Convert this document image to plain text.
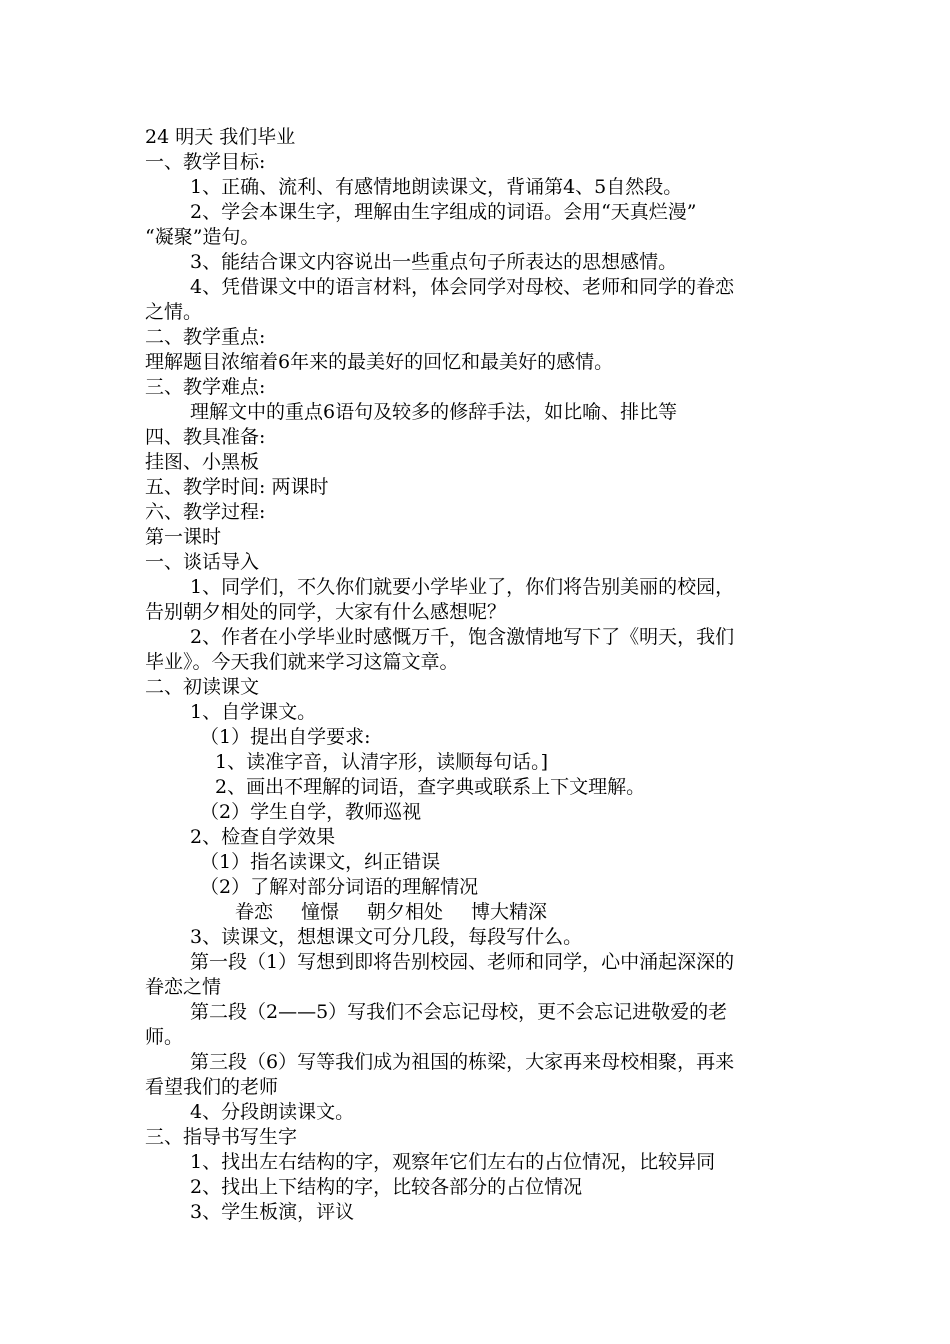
24 明天 我们毕业
一、教学目标:
1、正确、流利、有感情地朗读课文，背诵第4、5自然段。
2、学会本课生字，理解由生字组成的词语。会用“天真烂漫”
“凝聚”造句。
3、能结合课文内容说出一些重点句子所表达的思想感情。
4、凭借课文中的语言材料，体会同学对母校、老师和同学的眷恋
之情。
二、教学重点:
理解题目浓缩着6年来的最美好的回忆和最美好的感情。
三、教学难点:
理解文中的重点6语句及较多的修辞手法，如比喻、排比等
四、教具准备:
挂图、小黑板
五、教学时间: 两课时
六、教学过程:
第一课时
一、谈话导入
1、同学们，不久你们就要小学毕业了，你们将告别美丽的校园，
告别朝夕相处的同学，大家有什么感想呢？
2、作者在小学毕业时感慨万千，饱含激情地写下了《明天，我们
毕业》。今天我们就来学习这篇文章。
二、初读课文
1、自学课文。
（1）提出自学要求:
1、读准字音，认清字形，读顺每句话。]
2、画出不理解的词语，查字典或联系上下文理解。
（2）学生自学，教师巡视
2、检查自学效果
（1）指名读课文，纠正错误
（2）了解对部分词语的理解情况
眷恋 憧憬 朝夕相处 博大精深
3、读课文，想想课文可分几段，每段写什么。
第一段（1）写想到即将告别校园、老师和同学，心中涌起深深的
眷恋之情
第二段（2——5）写我们不会忘记母校，更不会忘记进敬爱的老
师。
第三段（6）写等我们成为祖国的栋梁，大家再来母校相聚，再来
看望我们的老师
4、分段朗读课文。
三、指导书写生字
1、找出左右结构的字，观察年它们左右的占位情况，比较异同
2、找出上下结构的字，比较各部分的占位情况
3、学生板演，评议
